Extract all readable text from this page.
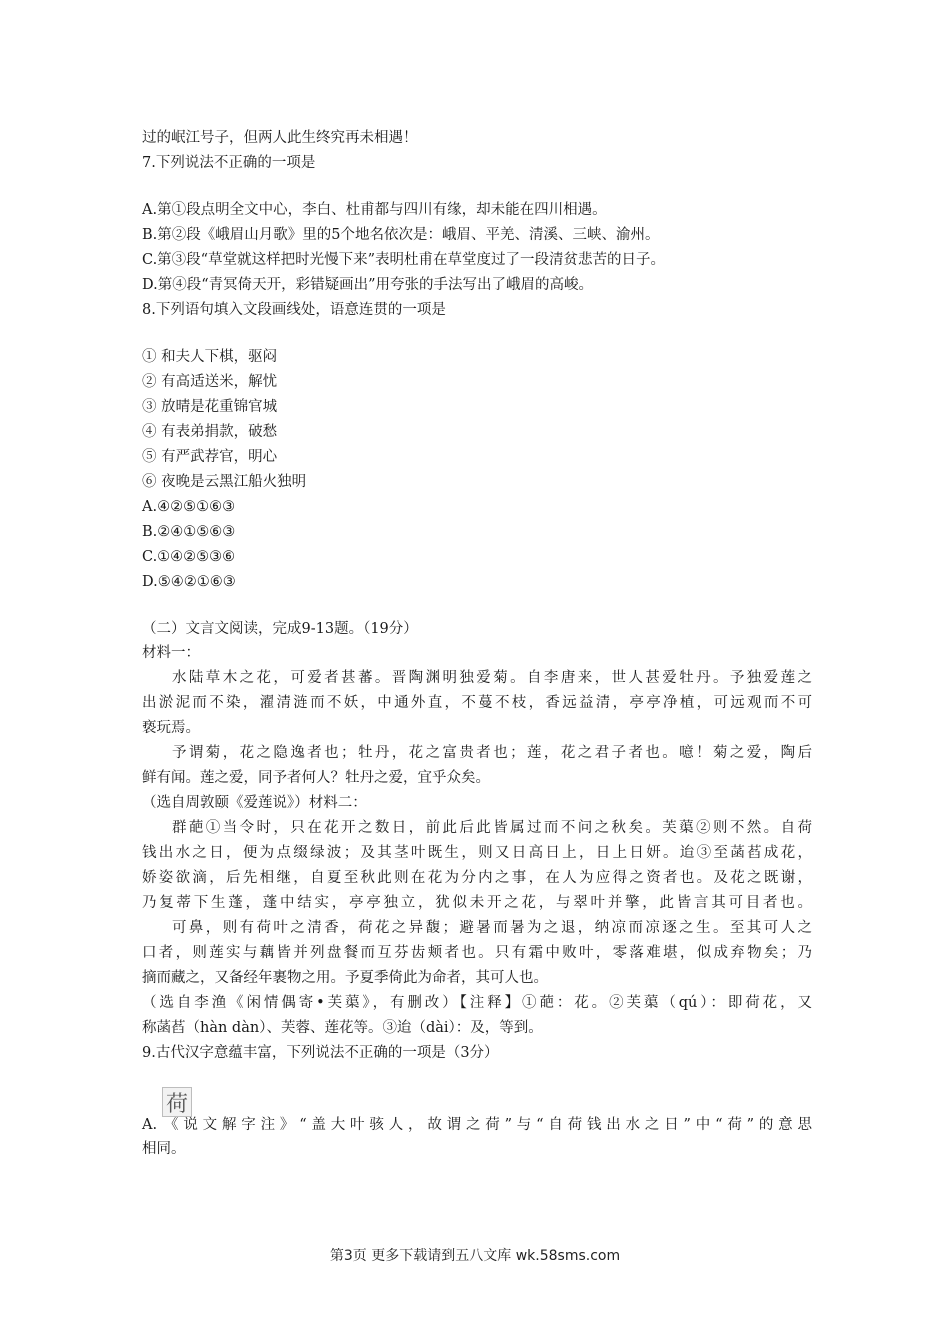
过的岷江号子，但两人此生终究再未相遇！
7.下列说法不正确的一项是
A.第①段点明全文中心，李白、杜甫都与四川有缘，却未能在四川相遇。
B.第②段《峨眉山月歌》里的5个地名依次是：峨眉、平羌、清溪、三峡、渝州。
C.第③段“草堂就这样把时光慢下来”表明杜甫在草堂度过了一段清贫悲苦的日子。
D.第④段“青冥倚天开，彩错疑画出”用夸张的手法写出了峨眉的高峻。
8.下列语句填入文段画线处，语意连贯的一项是
① 和夫人下棋，驱闷
② 有高适送米，解忧
③ 放晴是花重锦官城
④ 有表弟捐款，破愁
⑤ 有严武荐官，明心
⑥ 夜晚是云黑江船火独明
A.④②⑤①⑥③
B.②④①⑤⑥③
C.①④②⑤③⑥
D.⑤④②①⑥③
（二）文言文阅读，完成9-13题。（19分）
材料一：
水陆草木之花，可爱者甚蕃。晋陶渊明独爱菊。自李唐来，世人甚爱牡丹。予独爱莲之
出淤泥而不染，濯清涟而不妖，中通外直，不蔓不枝，香远益清，亭亭净植，可远观而不可
亵玩焉。
予谓菊，花之隐逸者也；牡丹，花之富贵者也；莲，花之君子者也。噫！菊之爱，陶后
鲜有闻。莲之爱，同予者何人？牡丹之爱，宜乎众矣。
（选自周敦颐《爱莲说》）材料二：
群葩①当令时，只在花开之数日，前此后此皆属过而不问之秋矣。芙蕖②则不然。自荷
钱出水之日，便为点缀绿波；及其茎叶既生，则又日高日上，日上日妍。迨③至菡萏成花，
娇姿欲滴，后先相继，自夏至秋此则在花为分内之事，在人为应得之资者也。及花之既谢，
乃复蒂下生蓬，蓬中结实，亭亭独立，犹似未开之花，与翠叶并擎，此皆言其可目者也。
可鼻，则有荷叶之清香，荷花之异馥；避暑而暑为之退，纳凉而凉逐之生。至其可人之
口者，则莲实与藕皆并列盘餐而互芬齿颊者也。只有霜中败叶，零落难堪，似成弃物矣；乃
摘而藏之，又备经年裹物之用。予夏季倚此为命者，其可人也。
（选自李渔《闲情偶寄•芙蕖》，有删改）【注释】①葩：花。②芙蕖（qú）：即荷花，又
称菡萏（hàn dàn）、芙蓉、莲花等。③迨（dài）：及，等到。
9.古代汉字意蕴丰富，下列说法不正确的一项是（3分）
A. 《说文解字注》“盖大叶骇人，故谓之荷”与“自荷钱出水之日”中“荷”的意思
相同。
荷
第3页 更多下载请到五八文库 wk.58sms.com
